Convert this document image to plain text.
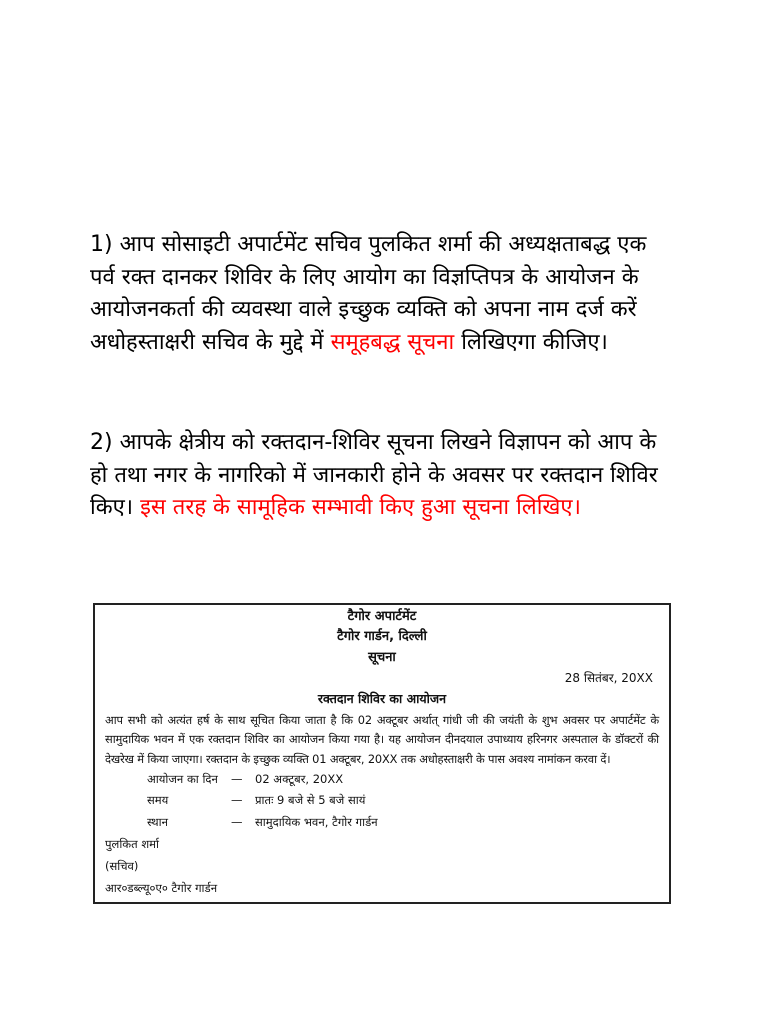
1) आप सोसाइटी अपार्टमेंट सचिव पुलकित शर्मा की अध्यक्षताबद्ध एक पर्व रक्त दानकर शिविर के लिए आयोग का विज्ञप्तिपत्र के आयोजन के आयोजनकर्ता की व्यवस्था वाले इच्छुक व्यक्ति को अपना नाम दर्ज करें अधोहस्ताक्षरी सचिव के मुद्दे में समूहबद्ध सूचना लिखिएगा कीजिए।
2) आपके क्षेत्रीय को रक्तदान-शिविर सूचना लिखने विज्ञापन को आप के हो तथा नगर के नागरिको में जानकारी होने के अवसर पर रक्तदान शिविर किए। इस तरह के सामूहिक सम्भावी किए हुआ सूचना लिखिए।
टैगोर अपार्टमेंट
टैगोर गार्डन, दिल्ली
सूचना
28 सितंबर, 20XX
रक्तदान शिविर का आयोजन
आप सभी को अत्यंत हर्ष के साथ सूचित किया जाता है कि 02 अक्टूबर अर्थात् गांधी जी की जयंती के शुभ अवसर पर अपार्टमेंट के सामुदायिक भवन में एक रक्तदान शिविर का आयोजन किया गया है। यह आयोजन दीनदयाल उपाध्याय हरिनगर अस्पताल के डॉक्टरों की देखरेख में किया जाएगा। रक्तदान के इच्छुक व्यक्ति 01 अक्टूबर, 20XX तक अधोहस्ताक्षरी के पास अवश्य नामांकन करवा दें।
आयोजन का दिन	—	02 अक्टूबर, 20XX
समय	—	प्रातः 9 बजे से 5 बजे सायं
स्थान	—	सामुदायिक भवन, टैगोर गार्डन
पुलकित शर्मा
(सचिव)
आर०डब्ल्यू०ए० टैगोर गार्डन
